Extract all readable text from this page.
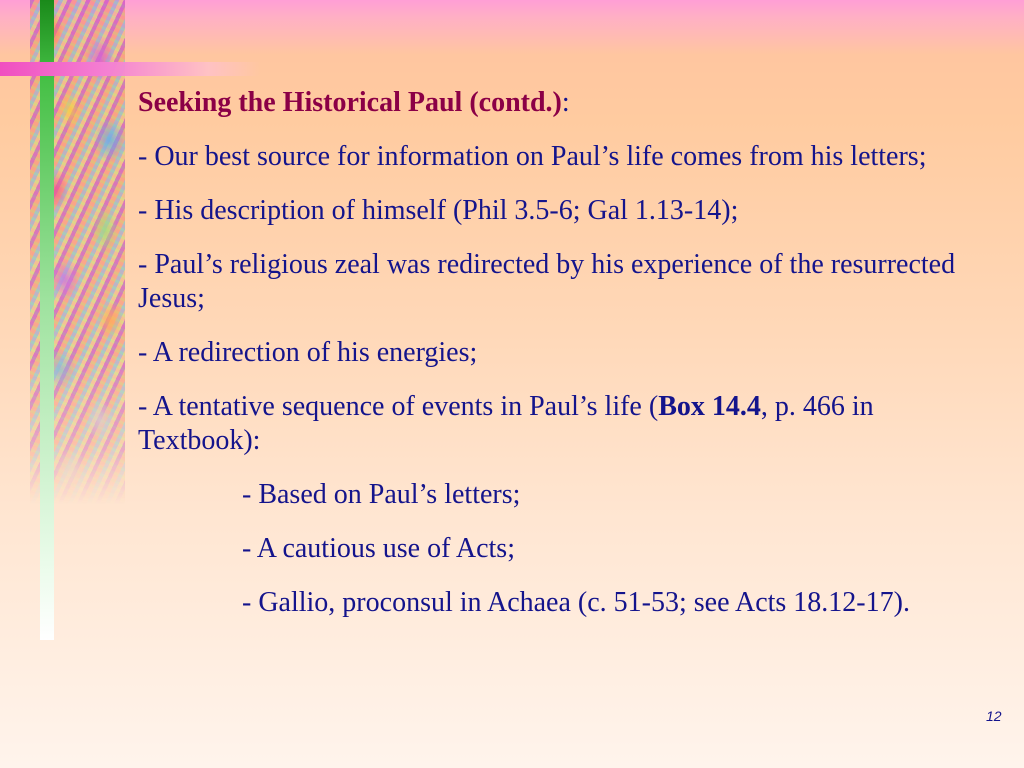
Seeking the Historical Paul (contd.):

- Our best source for information on Paul’s life comes from his letters;

- His description of himself (Phil 3.5-6; Gal 1.13-14);

- Paul’s religious zeal was redirected by his experience of the resurrected Jesus;

- A redirection of his energies;

- A tentative sequence of events in Paul’s life (Box 14.4, p. 466 in Textbook):

- Based on Paul’s letters;

- A cautious use of Acts;

- Gallio, proconsul in Achaea (c. 51-53; see Acts 18.12-17).

12
